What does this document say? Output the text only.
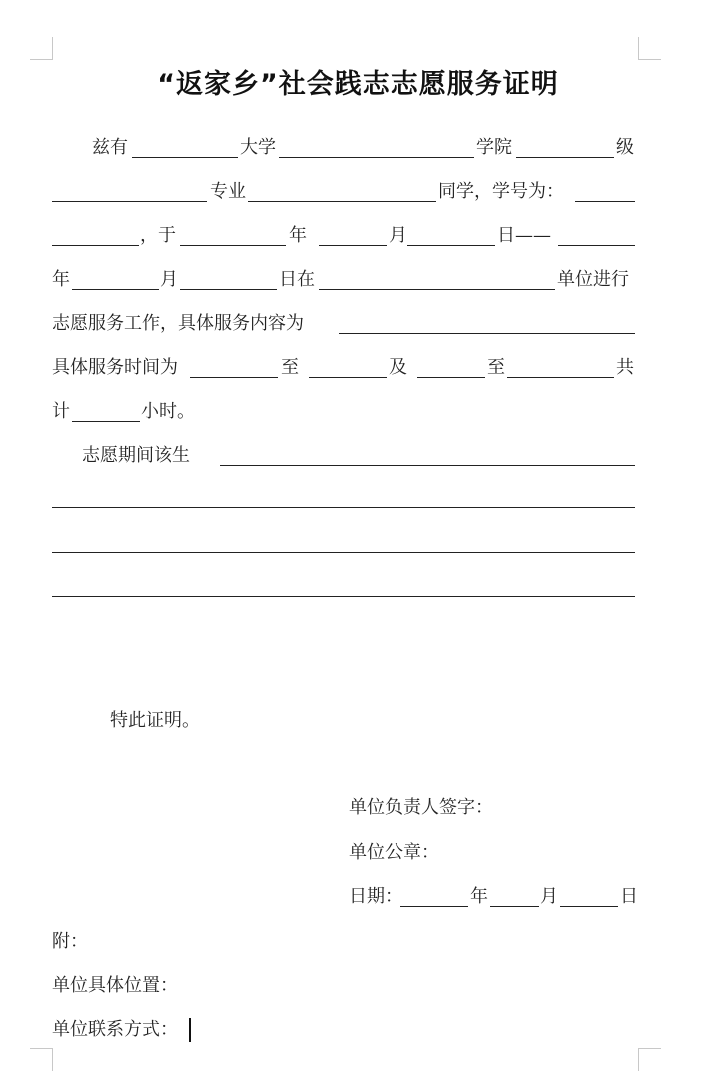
“返家乡”社会践志志愿服务证明
兹有	大学	学院	级
专业	同学，学号为：
，于	年	月	日——
年	月	日在	单位进行
志愿服务工作，具体服务内容为
具体服务时间为	至	及	至	共
计	小时。
志愿期间该生
特此证明。
单位负责人签字：
单位公章：
日期：	年	月	日
附：
单位具体位置：
单位联系方式：
